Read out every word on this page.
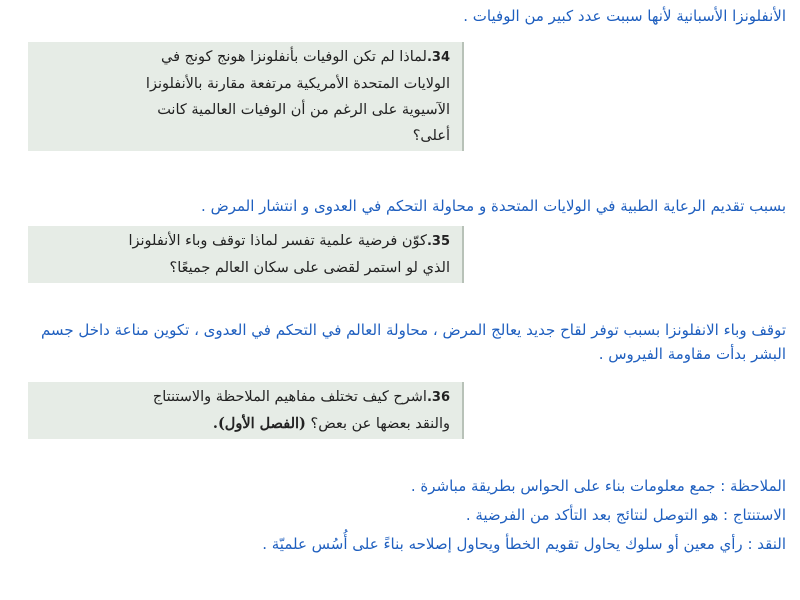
الأنفلونزا الأسبانية لأنها سببت عدد كبير من الوفيات .
34.لماذا لم تكن الوفيات بأنفلونزا هونج كونج في
الولايات المتحدة الأمريكية مرتفعة مقارنة بالأنفلونزا
الآسيوية على الرغم من أن الوفيات العالمية كانت
أعلى؟
بسبب تقديم الرعاية الطبية في الولايات المتحدة و محاولة التحكم في العدوى و انتشار المرض .
35.كوّن فرضية علمية تفسر لماذا توقف وباء الأنفلونزا
الذي لو استمر لقضى على سكان العالم جميعًا؟
توقف وباء الانفلونزا بسبب توفر لقاح جديد يعالج المرض ، محاولة العالم في التحكم في العدوى ، تكوين مناعة داخل جسم البشر بدأت مقاومة الفيروس .
36.اشرح كيف تختلف مفاهيم الملاحظة والاستنتاج
والنقد بعضها عن بعض؟ (الفصل الأول).
الملاحظة : جمع معلومات بناء على الحواس بطريقة مباشرة .
الاستنتاج : هو التوصل لنتائج بعد التأكد من الفرضية .
النقد : رأي معين أو سلوك يحاول تقويم الخطأ ويحاول إصلاحه بناءً على أُسُس علميّة .
